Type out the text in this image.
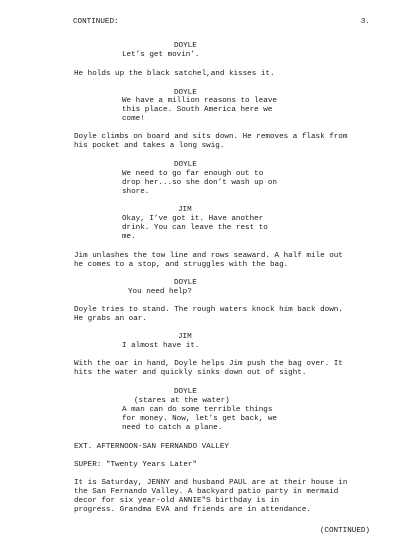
CONTINUED:	3.
DOYLE
Let’s get movin’.
He holds up the black satchel,and kisses it.
DOYLE
We have a million reasons to leave
this place. South America here we
come!
Doyle climbs on board and sits down. He removes a flask from
his pocket and takes a long swig.
DOYLE
We need to go far enough out to
drop her...so she don’t wash up on
shore.
JIM
Okay, I’ve got it. Have another
drink. You can leave the rest to
me.
Jim unlashes the tow line and rows seaward. A half mile out
he comes to a stop, and struggles with the bag.
DOYLE
You need help?
Doyle tries to stand. The rough waters knock him back down.
He grabs an oar.
JIM
I almost have it.
With the oar in hand, Doyle helps Jim push the bag over. It
hits the water and quickly sinks down out of sight.
DOYLE
(stares at the water)
A man can do some terrible things
for money. Now, let’s get back, we
need to catch a plane.
EXT. AFTERNOON-SAN FERNANDO VALLEY
SUPER: "Twenty Years Later"
It is Saturday, JENNY and husband PAUL are at their house in
the San Fernando Valley. A backyard patio party in mermaid
decor for six year-old ANNIE"S birthday is in
progress. Grandma EVA and friends are in attendance.
(CONTINUED)
